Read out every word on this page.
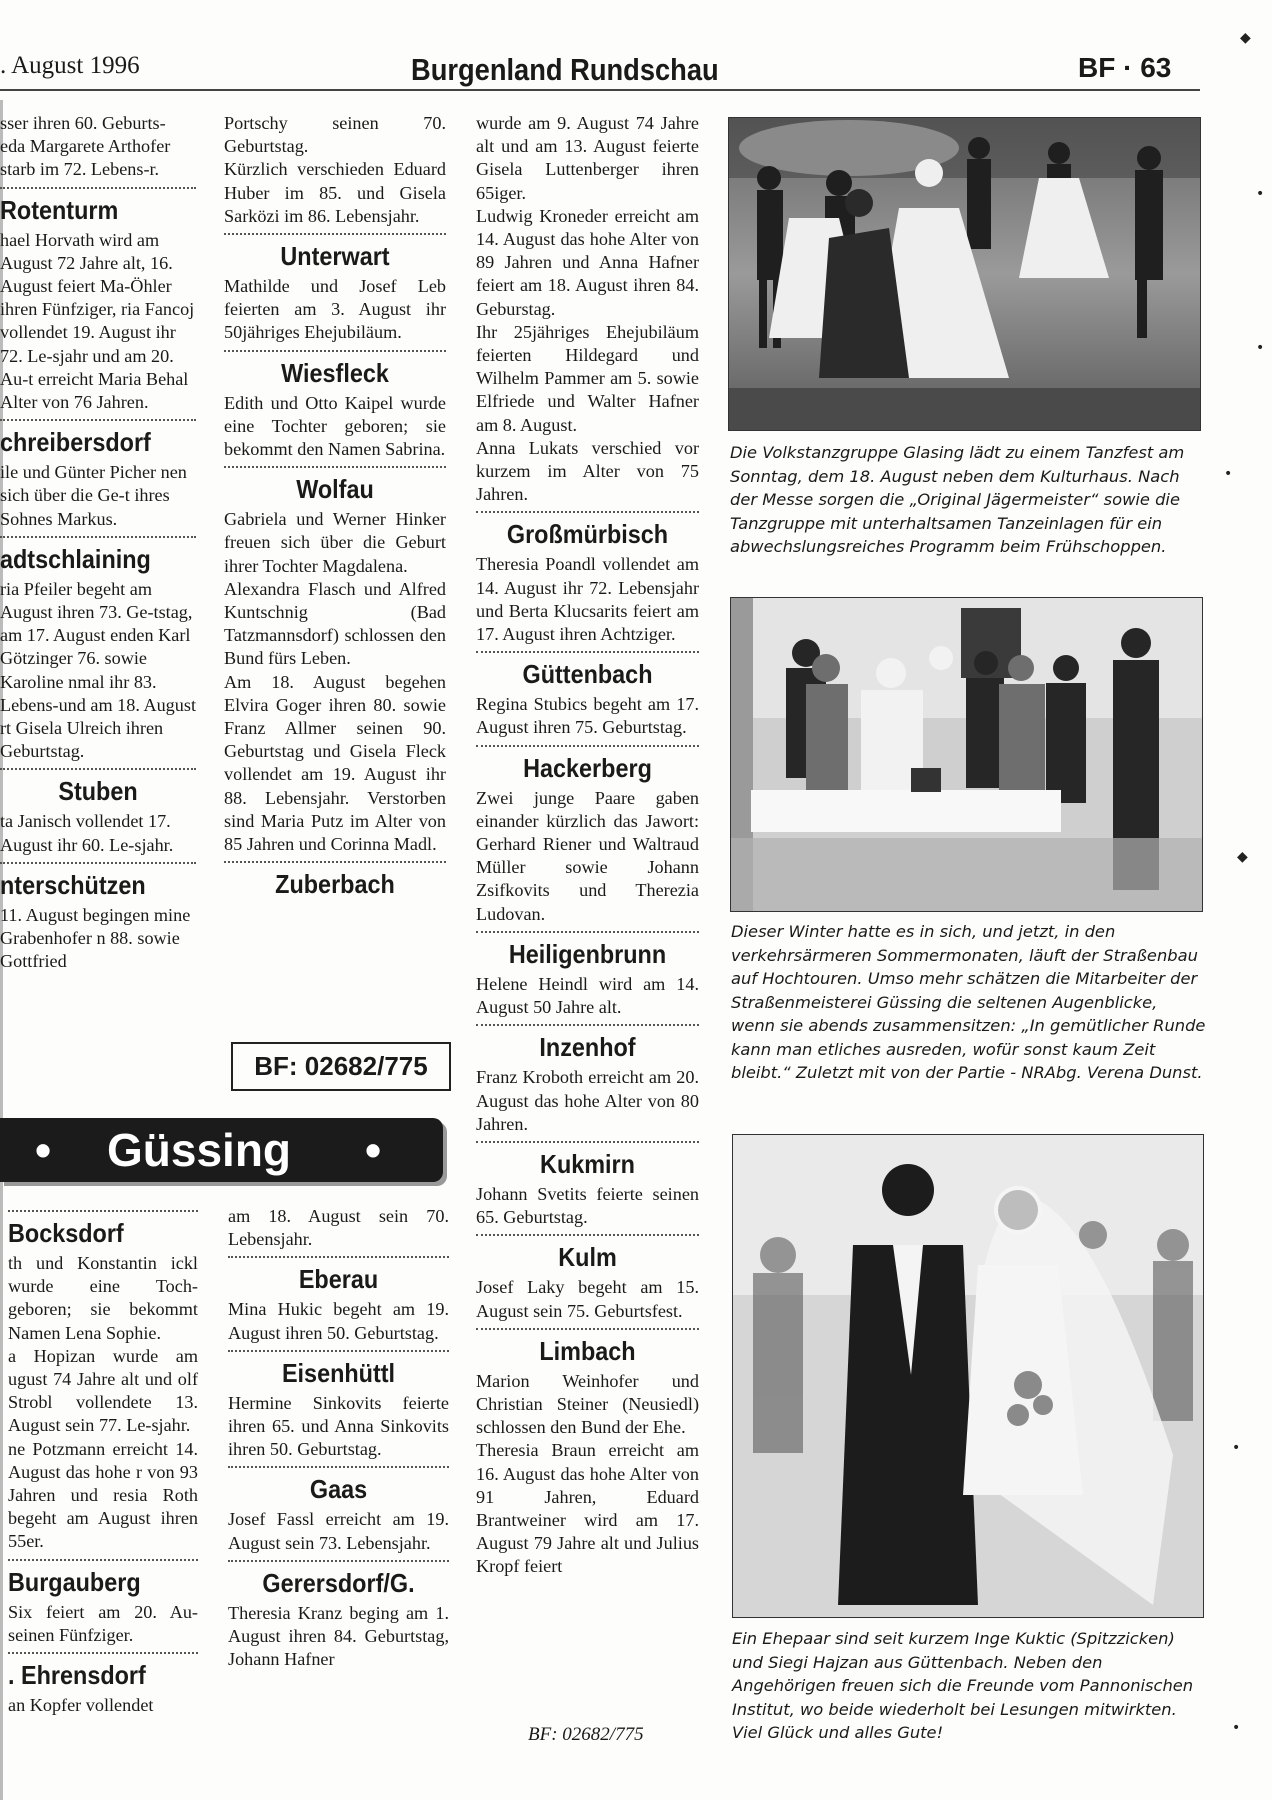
. August 1996	Burgenland Rundschau	BF · 63

sser ihren 60. Geburts-

eda Margarete Arthofer starb im 72. Lebens-r.

Rotenturm

hael Horvath wird am August 72 Jahre alt, 16. August feiert Ma-Öhler ihren Fünfziger, ria Fancoj vollendet 19. August ihr 72. Le-sjahr und am 20. Au-t erreicht Maria Behal Alter von 76 Jahren.

chreibersdorf

ile und Günter Picher nen sich über die Ge-t ihres Sohnes Markus.

adtschlaining

ria Pfeiler begeht am August ihren 73. Ge-tstag, am 17. August enden Karl Götzinger 76. sowie Karoline nmal ihr 83. Lebens-und am 18. August rt Gisela Ulreich ihren Geburtstag.

Stuben

ta Janisch vollendet 17. August ihr 60. Le-sjahr.

nterschützen

11. August begingen mine Grabenhofer n 88. sowie Gottfried

Portschy seinen 70. Geburtstag.

Kürzlich verschieden Eduard Huber im 85. und Gisela Sarközi im 86. Lebensjahr.

Unterwart

Mathilde und Josef Leb feierten am 3. August ihr 50jähriges Ehejubiläum.

Wiesfleck

Edith und Otto Kaipel wurde eine Tochter geboren; sie bekommt den Namen Sabrina.

Wolfau

Gabriela und Werner Hinker freuen sich über die Geburt ihrer Tochter Magdalena.

Alexandra Flasch und Alfred Kuntschnig (Bad Tatzmannsdorf) schlossen den Bund fürs Leben.

Am 18. August begehen Elvira Goger ihren 80. sowie Franz Allmer seinen 90. Geburtstag und Gisela Fleck vollendet am 19. August ihr 88. Lebensjahr. Verstorben sind Maria Putz im Alter von 85 Jahren und Corinna Madl.

Zuberbach
BF: 02682/775

wurde am 9. August 74 Jahre alt und am 13. August feierte Gisela Luttenberger ihren 65iger.

Ludwig Kroneder erreicht am 14. August das hohe Alter von 89 Jahren und Anna Hafner feiert am 18. August ihren 84. Geburstag.

Ihr 25jähriges Ehejubiläum feierten Hildegard und Wilhelm Pammer am 5. sowie Elfriede und Walter Hafner am 8. August.

Anna Lukats verschied vor kurzem im Alter von 75 Jahren.

Großmürbisch

Theresia Poandl vollendet am 14. August ihr 72. Lebensjahr und Berta Klucsarits feiert am 17. August ihren Achtziger.

Güttenbach

Regina Stubics begeht am 17. August ihren 75. Geburtstag.

Hackerberg

Zwei junge Paare gaben einander kürzlich das Jawort: Gerhard Riener und Waltraud Müller sowie Johann Zsifkovits und Therezia Ludovan.

Heiligenbrunn

Helene Heindl wird am 14. August 50 Jahre alt.

Inzenhof

Franz Kroboth erreicht am 20. August das hohe Alter von 80 Jahren.

Kukmirn

Johann Svetits feierte seinen 65. Geburtstag.

Kulm

Josef Laky begeht am 15. August sein 75. Geburtsfest.

Limbach

Marion Weinhofer und Christian Steiner (Neusiedl) schlossen den Bund der Ehe.

Theresia Braun erreicht am 16. August das hohe Alter von 91 Jahren, Eduard Brantweiner wird am 17. August 79 Jahre alt und Julius Kropf feiert

BF: 02682/775
• Güssing •
Bocksdorf

th und Konstantin ickl wurde eine Toch-geboren; sie bekommt Namen Lena Sophie.

a Hopizan wurde am ugust 74 Jahre alt und olf Strobl vollendete 13. August sein 77. Le-sjahr.

ne Potzmann erreicht 14. August das hohe r von 93 Jahren und resia Roth begeht am August ihren 55er.

Burgauberg

Six feiert am 20. Au-seinen Fünfziger.

. Ehrensdorf

an Kopfer vollendet

am 18. August sein 70. Lebensjahr.

Eberau

Mina Hukic begeht am 19. August ihren 50. Geburtstag.

Eisenhüttl

Hermine Sinkovits feierte ihren 65. und Anna Sinkovits ihren 50. Geburtstag.

Gaas

Josef Fassl erreicht am 19. August sein 73. Lebensjahr.

Gerersdorf/G.

Theresia Kranz beging am 1. August ihren 84. Geburtstag, Johann Hafner

Die Volkstanzgruppe Glasing lädt zu einem Tanzfest am Sonntag, dem 18. August neben dem Kulturhaus. Nach der Messe sorgen die „Original Jägermeister“ sowie die Tanzgruppe mit unterhaltsamen Tanzeinlagen für ein abwechslungsreiches Programm beim Frühschoppen.
Dieser Winter hatte es in sich, und jetzt, in den verkehrsärmeren Sommermonaten, läuft der Straßenbau auf Hochtouren. Umso mehr schätzen die Mitarbeiter der Straßenmeisterei Güssing die seltenen Augenblicke, wenn sie abends zusammensitzen: „In gemütlicher Runde kann man etliches ausreden, wofür sonst kaum Zeit bleibt.“ Zuletzt mit von der Partie - NRAbg. Verena Dunst.
Ein Ehepaar sind seit kurzem Inge Kuktic (Spitzzicken) und Siegi Hajzan aus Güttenbach. Neben den Angehörigen freuen sich die Freunde vom Pannonischen Institut, wo beide wiederholt bei Lesungen mitwirkten. Viel Glück und alles Gute!
◆
•
•
•
◆
•
•
